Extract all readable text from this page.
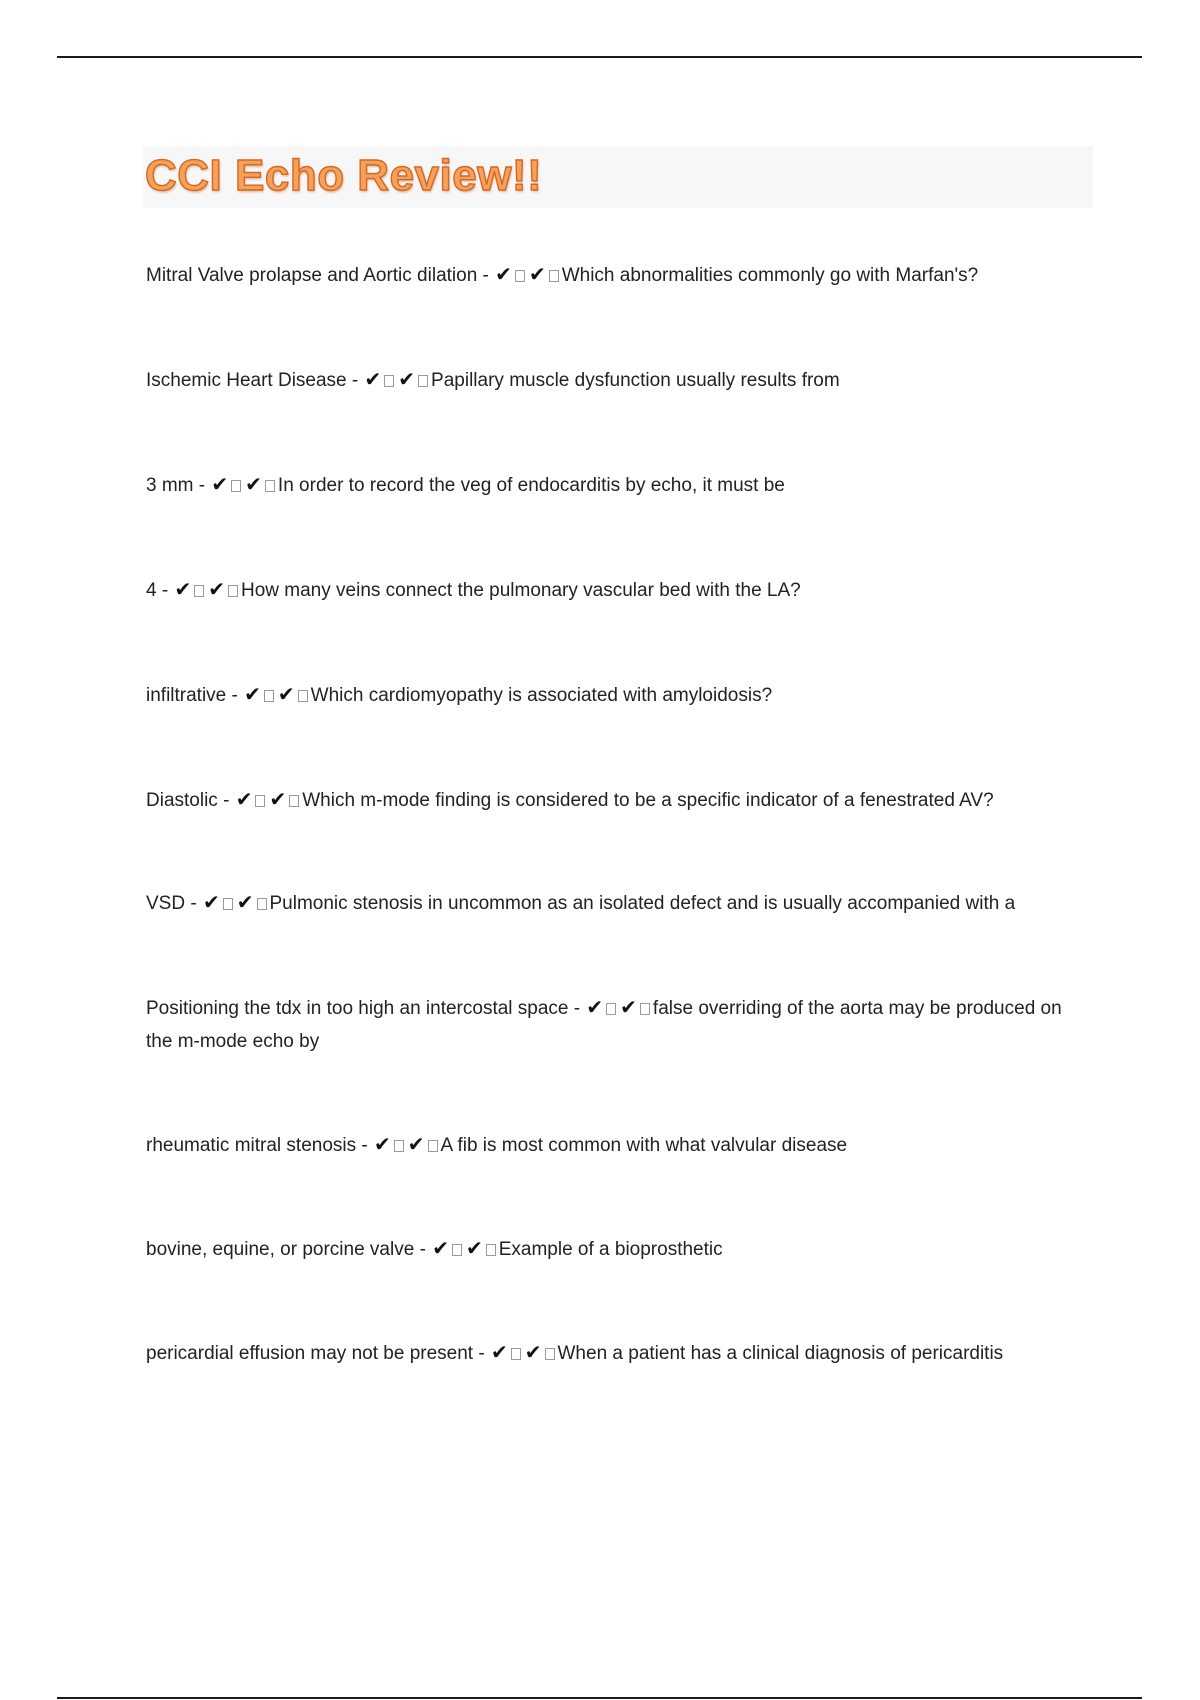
CCI Echo Review!!
Mitral Valve prolapse and Aortic dilation - ✔ ✔ Which abnormalities commonly go with Marfan's?
Ischemic Heart Disease - ✔ ✔ Papillary muscle dysfunction usually results from
3 mm - ✔ ✔ In order to record the veg of endocarditis by echo, it must be
4 - ✔ ✔ How many veins connect the pulmonary vascular bed with the LA?
infiltrative - ✔ ✔ Which cardiomyopathy is associated with amyloidosis?
Diastolic - ✔ ✔ Which m-mode finding is considered to be a specific indicator of a fenestrated AV?
VSD - ✔ ✔ Pulmonic stenosis in uncommon as an isolated defect and is usually accompanied with a
Positioning the tdx in too high an intercostal space - ✔ ✔ false overriding of the aorta may be produced on the m-mode echo by
rheumatic mitral stenosis - ✔ ✔ A fib is most common with what valvular disease
bovine, equine, or porcine valve - ✔ ✔ Example of a bioprosthetic
pericardial effusion may not be present - ✔ ✔ When a patient has a clinical diagnosis of pericarditis
